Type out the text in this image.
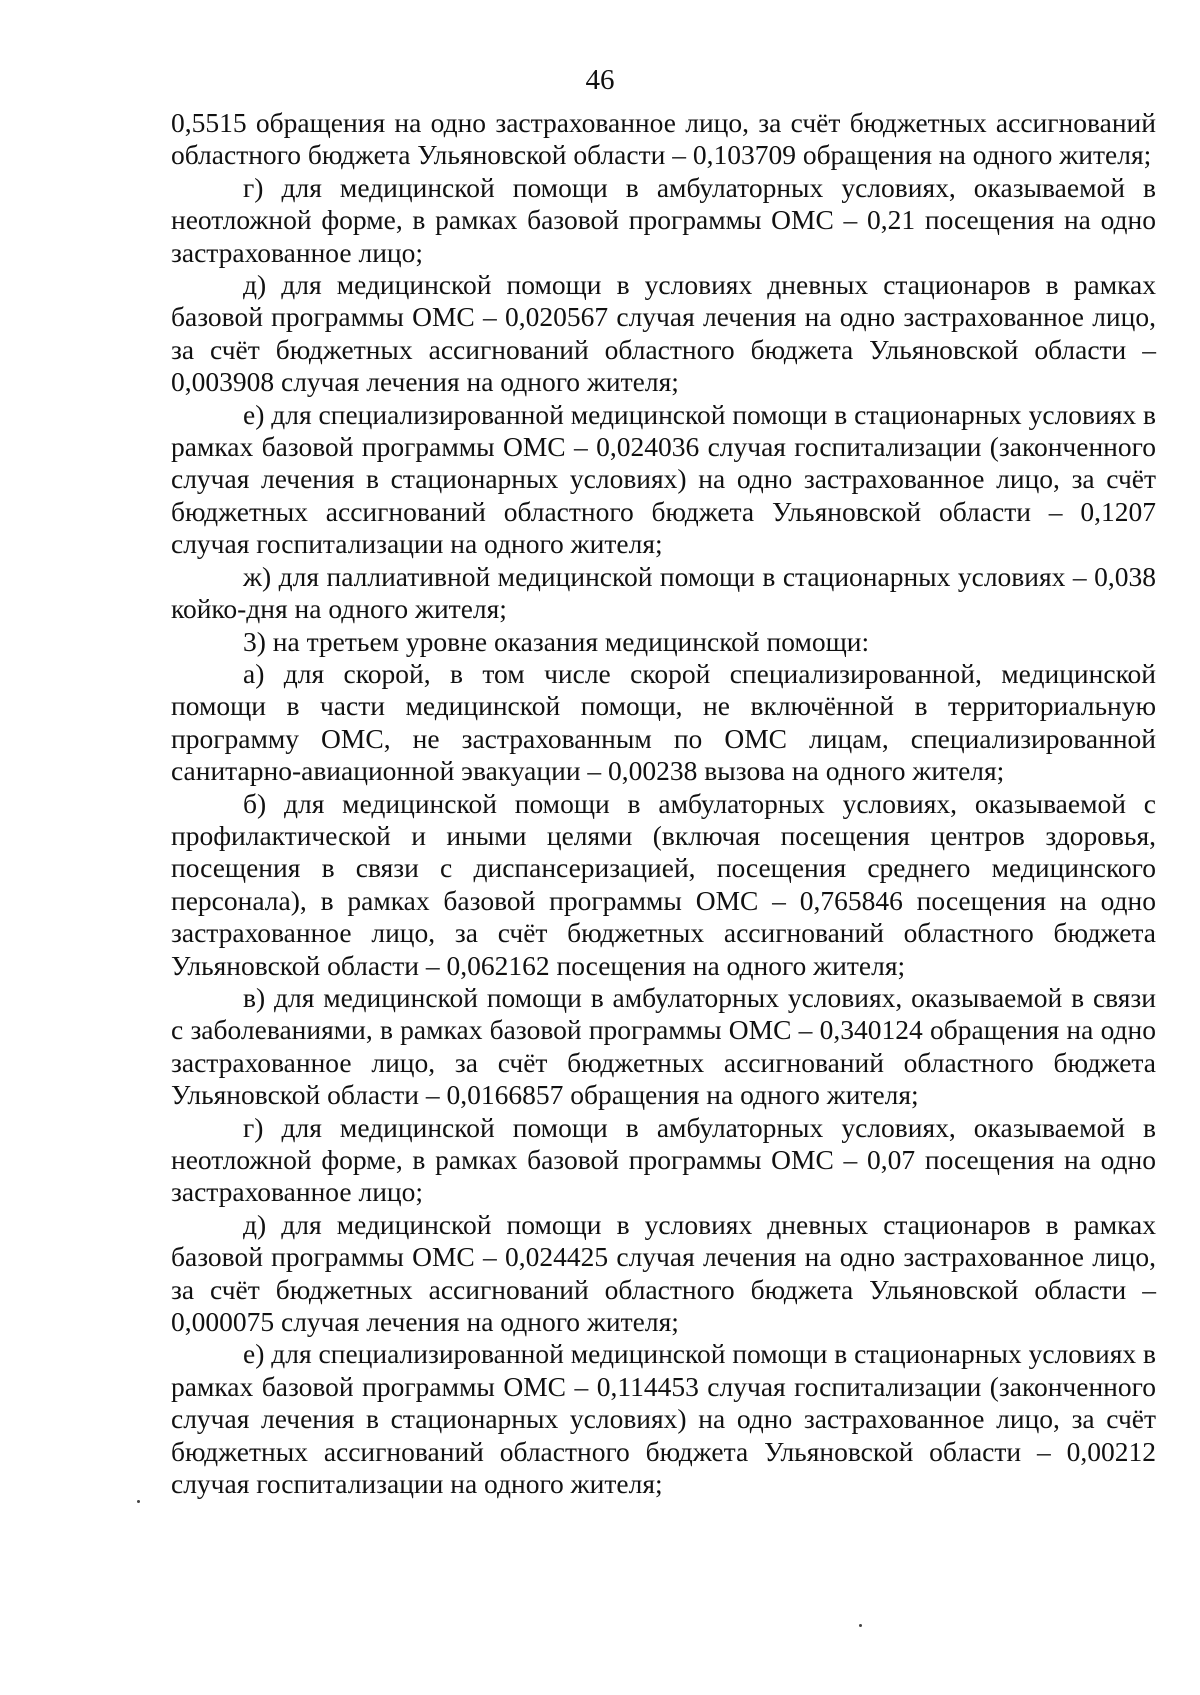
46

0,5515 обращения на одно застрахованное лицо, за счёт бюджетных ассигнований областного бюджета Ульяновской области – 0,103709 обращения на одного жителя;

г) для медицинской помощи в амбулаторных условиях, оказываемой в неотложной форме, в рамках базовой программы ОМС – 0,21 посещения на одно застрахованное лицо;

д) для медицинской помощи в условиях дневных стационаров в рамках базовой программы ОМС – 0,020567 случая лечения на одно застрахованное лицо, за счёт бюджетных ассигнований областного бюджета Ульяновской области – 0,003908 случая лечения на одного жителя;

е) для специализированной медицинской помощи в стационарных условиях в рамках базовой программы ОМС – 0,024036 случая госпитализации (законченного случая лечения в стационарных условиях) на одно застрахованное лицо, за счёт бюджетных ассигнований областного бюджета Ульяновской области – 0,1207 случая госпитализации на одного жителя;

ж) для паллиативной медицинской помощи в стационарных условиях – 0,038 койко-дня на одного жителя;

3) на третьем уровне оказания медицинской помощи:

а) для скорой, в том числе скорой специализированной, медицинской помощи в части медицинской помощи, не включённой в территориальную программу ОМС, не застрахованным по ОМС лицам, специализированной санитарно-авиационной эвакуации – 0,00238 вызова на одного жителя;

б) для медицинской помощи в амбулаторных условиях, оказываемой с профилактической и иными целями (включая посещения центров здоровья, посещения в связи с диспансеризацией, посещения среднего медицинского персонала), в рамках базовой программы ОМС – 0,765846 посещения на одно застрахованное лицо, за счёт бюджетных ассигнований областного бюджета Ульяновской области – 0,062162 посещения на одного жителя;

в) для медицинской помощи в амбулаторных условиях, оказываемой в связи с заболеваниями, в рамках базовой программы ОМС – 0,340124 обращения на одно застрахованное лицо, за счёт бюджетных ассигнований областного бюджета Ульяновской области – 0,0166857 обращения на одного жителя;

г) для медицинской помощи в амбулаторных условиях, оказываемой в неотложной форме, в рамках базовой программы ОМС – 0,07 посещения на одно застрахованное лицо;

д) для медицинской помощи в условиях дневных стационаров в рамках базовой программы ОМС – 0,024425 случая лечения на одно застрахованное лицо, за счёт бюджетных ассигнований областного бюджета Ульяновской области – 0,000075 случая лечения на одного жителя;

е) для специализированной медицинской помощи в стационарных условиях в рамках базовой программы ОМС – 0,114453 случая госпитализации (законченного случая лечения в стационарных условиях) на одно застрахованное лицо, за счёт бюджетных ассигнований областного бюджета Ульяновской области – 0,00212 случая госпитализации на одного жителя;
